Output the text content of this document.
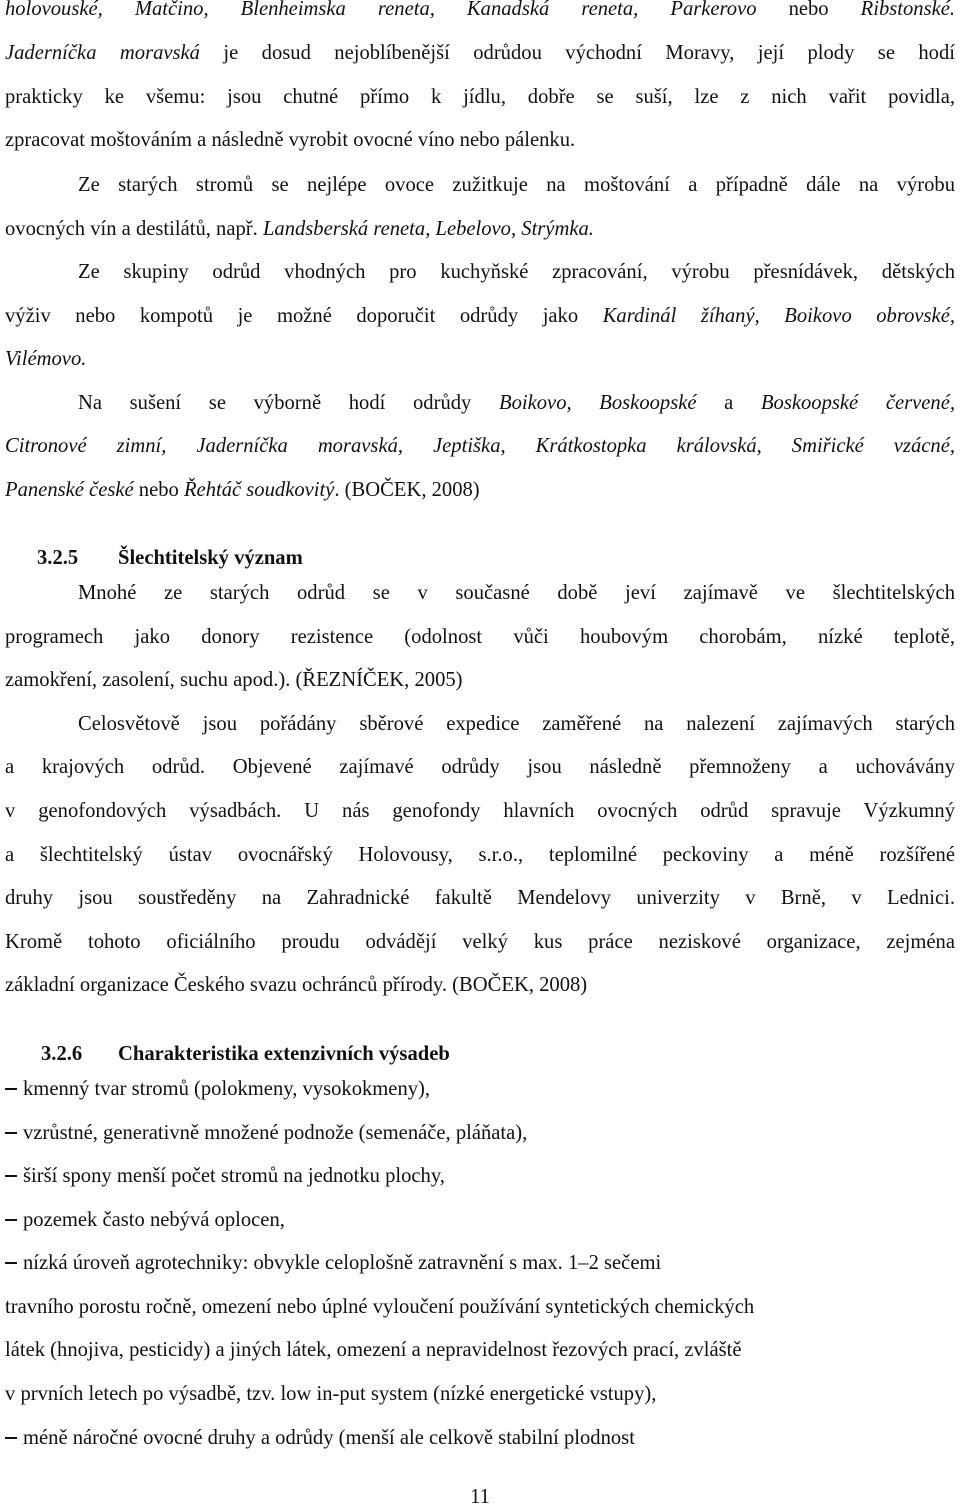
holovouské, Matčino, Blenheimska reneta, Kanadská reneta, Parkerovo nebo Ribstonské.
Jaderníčka moravská je dosud nejoblíbenější odrůdou východní Moravy, její plody se hodí
prakticky ke všemu: jsou chutné přímo k jídlu, dobře se suší, lze z nich vařit povidla,
zpracovat moštováním a následně vyrobit ovocné víno nebo pálenku.
Ze starých stromů se nejlépe ovoce zužitkuje na moštování a případně dále na výrobu
ovocných vín a destilátů, např. Landsberská reneta, Lebelovo, Strýmka.
Ze skupiny odrůd vhodných pro kuchyňské zpracování, výrobu přesnídávek, dětských
výživ nebo kompotů je možné doporučit odrůdy jako Kardinál žíhaný, Boikovo obrovské,
Vilémovo.
Na sušení se výborně hodí odrůdy Boikovo, Boskoopské a Boskoopské červené,
Citronové zimní, Jaderníčka moravská, Jeptiška, Krátkostopka královská, Smiřické vzácné,
Panenské české nebo Řehtáč soudkovitý. (BOČEK, 2008)
3.2.5 Šlechtitelský význam
Mnohé ze starých odrůd se v současné době jeví zajímavě ve šlechtitelských
programech jako donory rezistence (odolnost vůči houbovým chorobám, nízké teplotě,
zamokření, zasolení, suchu apod.). (ŘEZNÍČEK, 2005)
Celosvětově jsou pořádány sběrové expedice zaměřené na nalezení zajímavých starých
a krajových odrůd. Objevené zajímavé odrůdy jsou následně přemnoženy a uchovávány
v genofondových výsadbách. U nás genofondy hlavních ovocných odrůd spravuje Výzkumný
a šlechtitelský ústav ovocnářský Holovousy, s.r.o., teplomilné peckoviny a méně rozšířené
druhy jsou soustředěny na Zahradnické fakultě Mendelovy univerzity v Brně, v Lednici.
Kromě tohoto oficiálního proudu odvádějí velký kus práce neziskové organizace, zejména
základní organizace Českého svazu ochránců přírody. (BOČEK, 2008)
3.2.6 Charakteristika extenzivních výsadeb
kmenný tvar stromů (polokmeny, vysokokmeny),
vzrůstné, generativně množené podnože (semenáče, pláňata),
širší spony menší počet stromů na jednotku plochy,
pozemek často nebývá oplocen,
nízká úroveň agrotechniky: obvykle celoplošně zatravnění s max. 1–2 sečemi
travního porostu ročně, omezení nebo úplné vyloučení používání syntetických chemických
látek (hnojiva, pesticidy) a jiných látek, omezení a nepravidelnost řezových prací, zvláště
v prvních letech po výsadbě, tzv. low in-put system (nízké energetické vstupy),
méně náročné ovocné druhy a odrůdy (menší ale celkově stabilní plodnost
11
